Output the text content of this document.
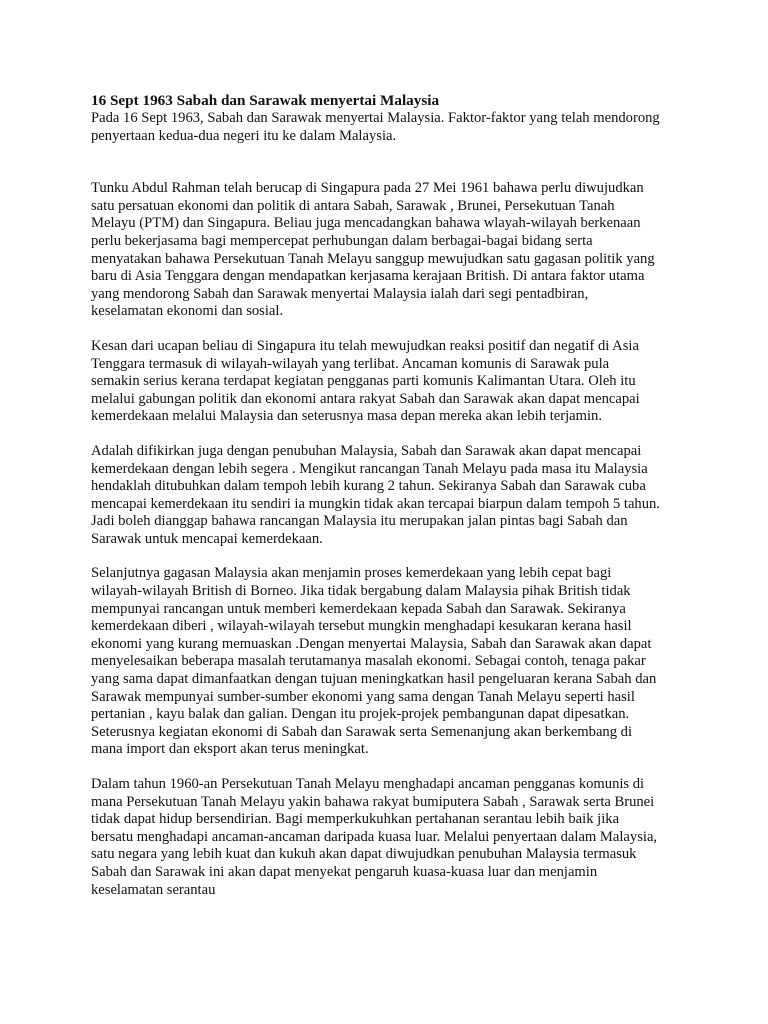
16 Sept 1963 Sabah dan Sarawak menyertai Malaysia

Pada 16 Sept 1963, Sabah dan Sarawak menyertai Malaysia. Faktor-faktor yang telah mendorong
penyertaan kedua-dua negeri itu ke dalam Malaysia.

Tunku Abdul Rahman telah berucap di Singapura pada 27 Mei 1961 bahawa perlu diwujudkan
satu persatuan ekonomi dan politik di antara Sabah, Sarawak , Brunei, Persekutuan Tanah
Melayu (PTM) dan Singapura. Beliau juga mencadangkan bahawa wlayah-wilayah berkenaan
perlu bekerjasama bagi mempercepat perhubungan dalam berbagai-bagai bidang serta
menyatakan bahawa Persekutuan Tanah Melayu sanggup mewujudkan satu gagasan politik yang
baru di Asia Tenggara dengan mendapatkan kerjasama kerajaan British. Di antara faktor utama
yang mendorong Sabah dan Sarawak menyertai Malaysia ialah dari segi pentadbiran,
keselamatan ekonomi dan sosial.

Kesan dari ucapan beliau di Singapura itu telah mewujudkan reaksi positif dan negatif di Asia
Tenggara termasuk di wilayah-wilayah yang terlibat. Ancaman komunis di Sarawak pula
semakin serius kerana terdapat kegiatan pengganas parti komunis Kalimantan Utara. Oleh itu
melalui gabungan politik dan ekonomi antara rakyat Sabah dan Sarawak akan dapat mencapai
kemerdekaan melalui Malaysia dan seterusnya masa depan mereka akan lebih terjamin.

Adalah difikirkan juga dengan penubuhan Malaysia, Sabah dan Sarawak akan dapat mencapai
kemerdekaan dengan lebih segera . Mengikut rancangan Tanah Melayu pada masa itu Malaysia
hendaklah ditubuhkan dalam tempoh lebih kurang 2 tahun. Sekiranya Sabah dan Sarawak cuba
mencapai kemerdekaan itu sendiri ia mungkin tidak akan tercapai biarpun dalam tempoh 5 tahun.
Jadi boleh dianggap bahawa rancangan Malaysia itu merupakan jalan pintas bagi Sabah dan
Sarawak untuk mencapai kemerdekaan.

Selanjutnya gagasan Malaysia akan menjamin proses kemerdekaan yang lebih cepat bagi
wilayah-wilayah British di Borneo. Jika tidak bergabung dalam Malaysia pihak British tidak
mempunyai rancangan untuk memberi kemerdekaan kepada Sabah dan Sarawak. Sekiranya
kemerdekaan diberi , wilayah-wilayah tersebut mungkin menghadapi kesukaran kerana hasil
ekonomi yang kurang memuaskan .Dengan menyertai Malaysia, Sabah dan Sarawak akan dapat
menyelesaikan beberapa masalah terutamanya masalah ekonomi. Sebagai contoh, tenaga pakar
yang sama dapat dimanfaatkan dengan tujuan meningkatkan hasil pengeluaran kerana Sabah dan
Sarawak mempunyai sumber-sumber ekonomi yang sama dengan Tanah Melayu seperti hasil
pertanian , kayu balak dan galian. Dengan itu projek-projek pembangunan dapat dipesatkan.
Seterusnya kegiatan ekonomi di Sabah dan Sarawak serta Semenanjung akan berkembang di
mana import dan eksport akan terus meningkat.

Dalam tahun 1960-an Persekutuan Tanah Melayu menghadapi ancaman pengganas komunis di
mana Persekutuan Tanah Melayu yakin bahawa rakyat bumiputera Sabah , Sarawak serta Brunei
tidak dapat hidup bersendirian. Bagi memperkukuhkan pertahanan serantau lebih baik jika
bersatu menghadapi ancaman-ancaman daripada kuasa luar. Melalui penyertaan dalam Malaysia,
satu negara yang lebih kuat dan kukuh akan dapat diwujudkan penubuhan Malaysia termasuk
Sabah dan Sarawak ini akan dapat menyekat pengaruh kuasa-kuasa luar dan menjamin
keselamatan serantau
